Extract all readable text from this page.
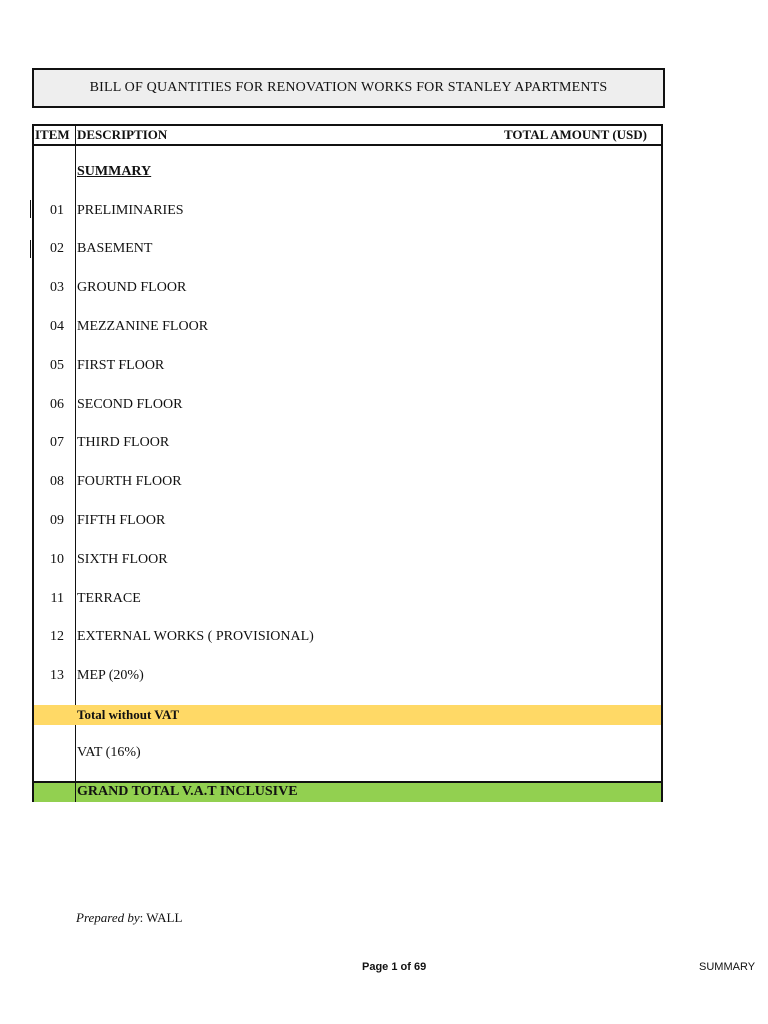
BILL OF QUANTITIES FOR RENOVATION WORKS FOR STANLEY APARTMENTS
ITEM DESCRIPTION	TOTAL AMOUNT (USD)
SUMMARY
01 PRELIMINARIES
02 BASEMENT
03 GROUND FLOOR
04 MEZZANINE FLOOR
05 FIRST FLOOR
06 SECOND FLOOR
07 THIRD FLOOR
08 FOURTH FLOOR
09 FIFTH FLOOR
10 SIXTH FLOOR
11 TERRACE
12 EXTERNAL WORKS ( PROVISIONAL)
13 MEP (20%)
Total without VAT
VAT (16%)
GRAND TOTAL V.A.T INCLUSIVE
Prepared by: WALL
Page 1 of 69	SUMMARY
